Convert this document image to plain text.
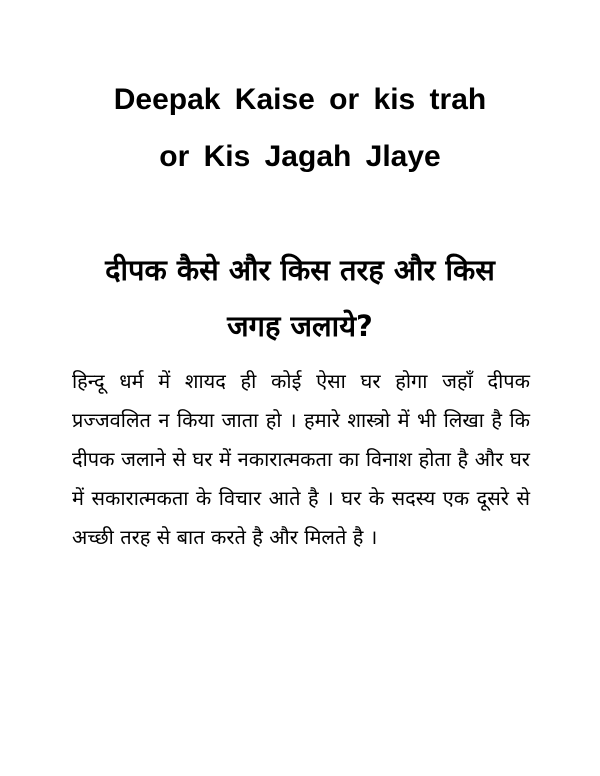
Deepak Kaise or kis trah
or Kis Jagah Jlaye
दीपक कैसे और किस तरह और किस
जगह जलाये?

हिन्दू धर्म में शायद ही कोई ऐसा घर होगा जहाँ दीपक प्रज्जवलित न किया जाता हो । हमारे शास्त्रो में भी लिखा है कि दीपक जलाने से घर में नकारात्मकता का विनाश होता है और घर में सकारात्मकता के विचार आते है । घर के सदस्य एक दूसरे से अच्छी तरह से बात करते है और मिलते है ।
